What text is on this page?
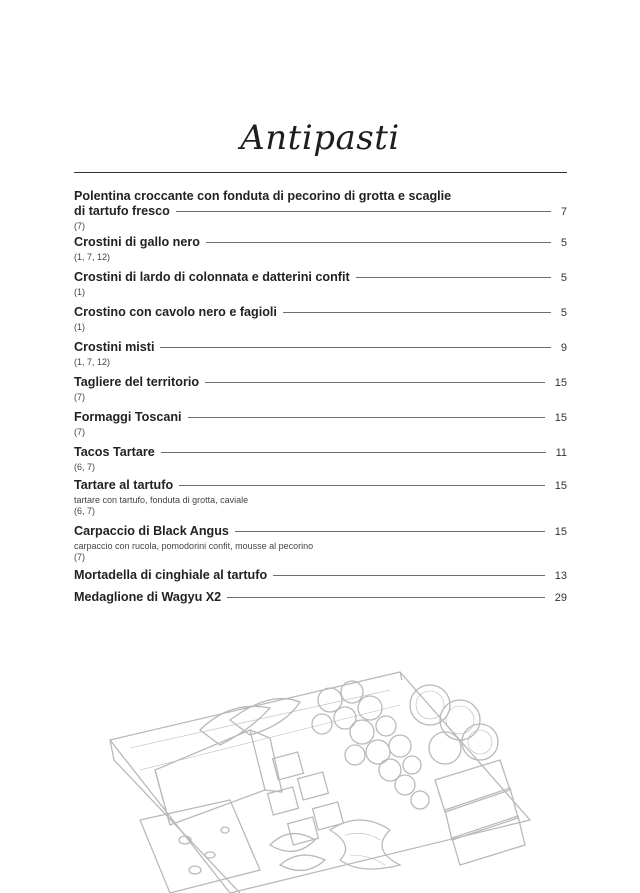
Antipasti
Polentina croccante con fonduta di pecorino di grotta e scaglie
di tartufo fresco	7
(7)
Crostini di gallo nero	5
(1, 7, 12)
Crostini di lardo di colonnata e datterini confit	5
(1)
Crostino con cavolo nero e fagioli	5
(1)
Crostini misti	9
(1, 7, 12)
Tagliere del territorio	15
(7)
Formaggi Toscani	15
(7)
Tacos Tartare	11
(6, 7)
Tartare al tartufo	15
tartare con tartufo, fonduta di grotta, caviale
(6, 7)
Carpaccio di Black Angus	15
carpaccio con rucola, pomodorini confit, mousse al pecorino
(7)
Mortadella di cinghiale al tartufo	13
Medaglione di Wagyu X2	29
